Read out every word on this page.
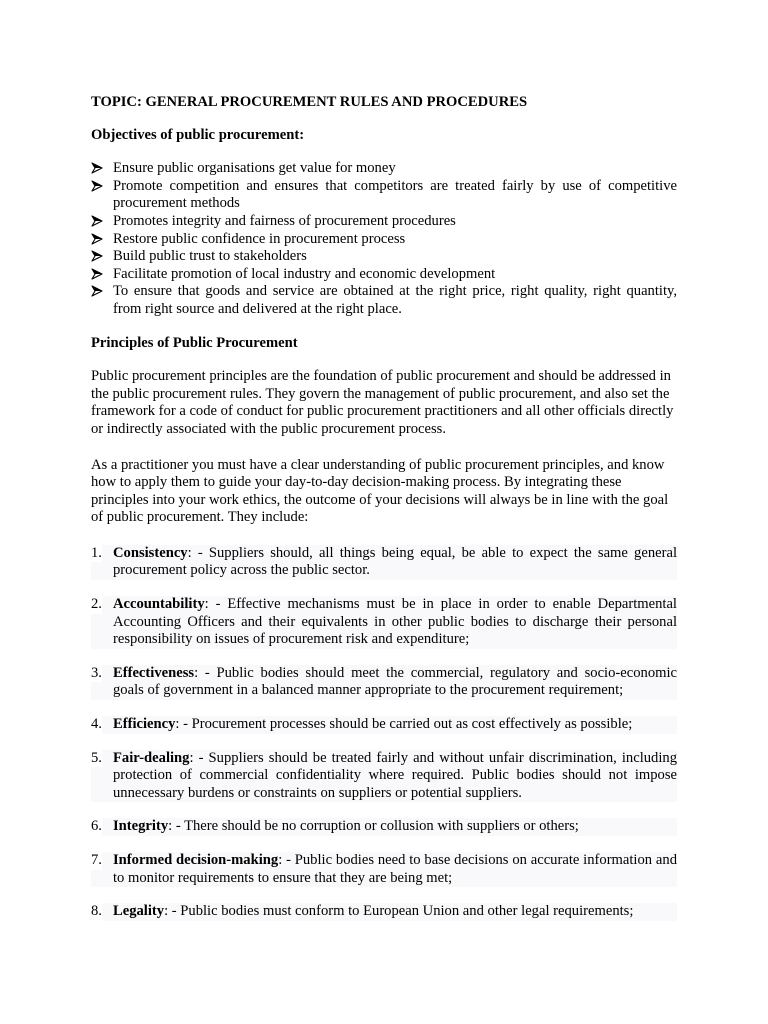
TOPIC: GENERAL PROCUREMENT RULES AND PROCEDURES
Objectives of public procurement:
Ensure public organisations get value for money
Promote competition and ensures that competitors are treated fairly by use of competitive procurement methods
Promotes integrity and fairness of procurement procedures
Restore public confidence in procurement process
Build public trust to stakeholders
Facilitate promotion of local industry and economic development
To ensure that goods and service are obtained at the right price, right quality, right quantity, from right source and delivered at the right place.
Principles of Public Procurement

Public procurement principles are the foundation of public procurement and should be addressed in the public procurement rules. They govern the management of public procurement, and also set the framework for a code of conduct for public procurement practitioners and all other officials directly or indirectly associated with the public procurement process.

As a practitioner you must have a clear understanding of public procurement principles, and know how to apply them to guide your day-to-day decision-making process. By integrating these principles into your work ethics, the outcome of your decisions will always be in line with the goal of public procurement. They include:

1. Consistency: - Suppliers should, all things being equal, be able to expect the same general procurement policy across the public sector.
2. Accountability: - Effective mechanisms must be in place in order to enable Departmental Accounting Officers and their equivalents in other public bodies to discharge their personal responsibility on issues of procurement risk and expenditure;
3. Effectiveness: - Public bodies should meet the commercial, regulatory and socio-economic goals of government in a balanced manner appropriate to the procurement requirement;
4. Efficiency: - Procurement processes should be carried out as cost effectively as possible;
5. Fair-dealing: - Suppliers should be treated fairly and without unfair discrimination, including protection of commercial confidentiality where required. Public bodies should not impose unnecessary burdens or constraints on suppliers or potential suppliers.
6. Integrity: - There should be no corruption or collusion with suppliers or others;
7. Informed decision-making: - Public bodies need to base decisions on accurate information and to monitor requirements to ensure that they are being met;
8. Legality: - Public bodies must conform to European Union and other legal requirements;
